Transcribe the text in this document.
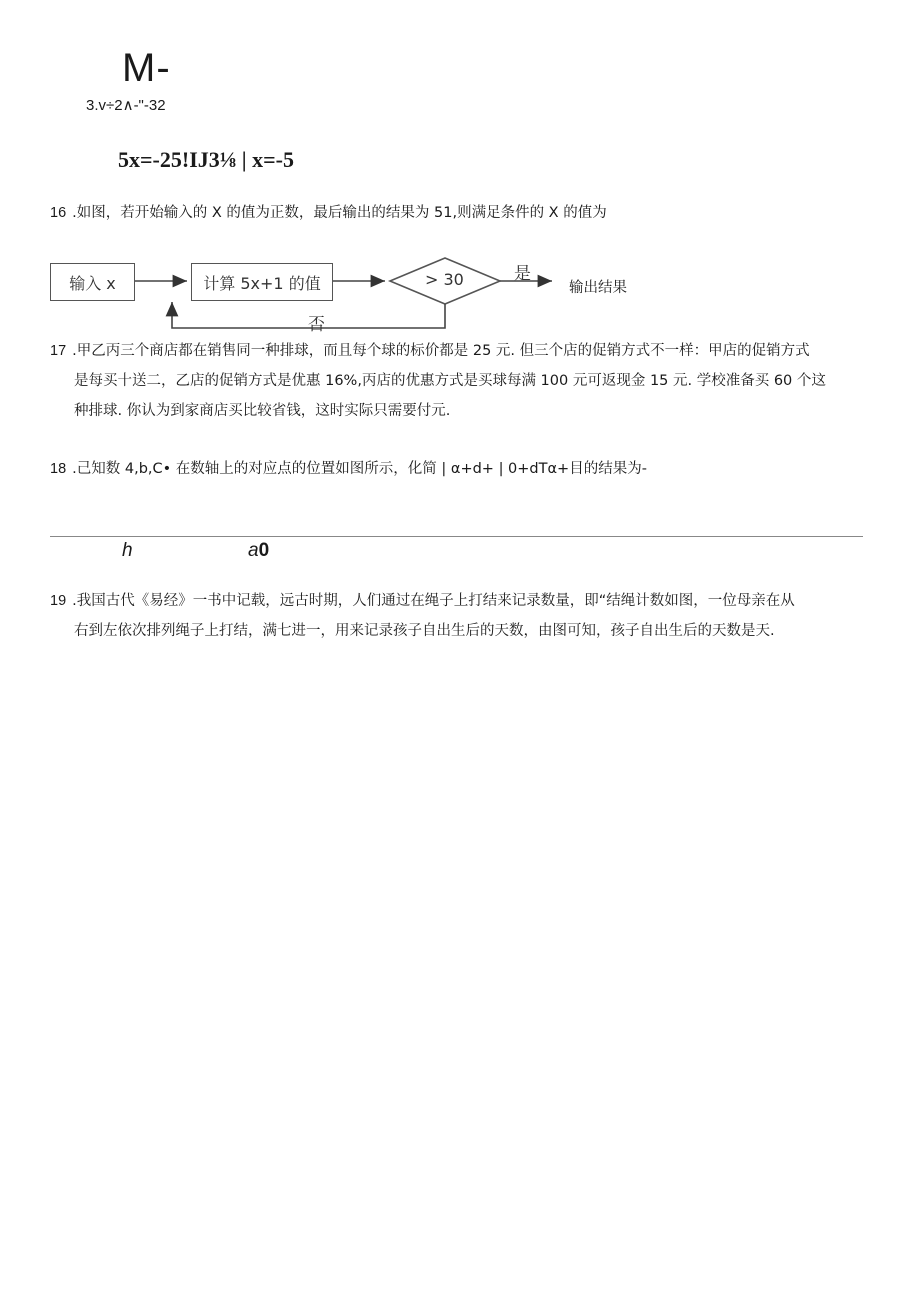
M-
3.v÷2∧-"-32
5x=-25!IJ3⅛ | x=-5
16 .如图，若开始输入的 X 的值为正数，最后输出的结果为 51,则满足条件的 X 的值为
输入 x	计算 5x+1 的值	> 30	是
否
输出结果
17 .甲乙丙三个商店都在销售同一种排球，而且每个球的标价都是 25 元. 但三个店的促销方式不一样：甲店的促销方式
是每买十送二，乙店的促销方式是优惠 16%,丙店的优惠方式是买球每满 100 元可返现金 15 元. 学校准备买 60 个这
种排球. 你认为到家商店买比较省钱，这时实际只需要付元.
18 .己知数 4,b,C• 在数轴上的对应点的位置如图所示，化简 | α+d+ | 0+dTα+目的结果为-
h	a0
19 .我国古代《易经》一书中记载，远古时期，人们通过在绳子上打结来记录数量，即“结绳计数如图，一位母亲在从
右到左依次排列绳子上打结，满七进一，用来记录孩子自出生后的天数，由图可知，孩子自出生后的天数是天.
